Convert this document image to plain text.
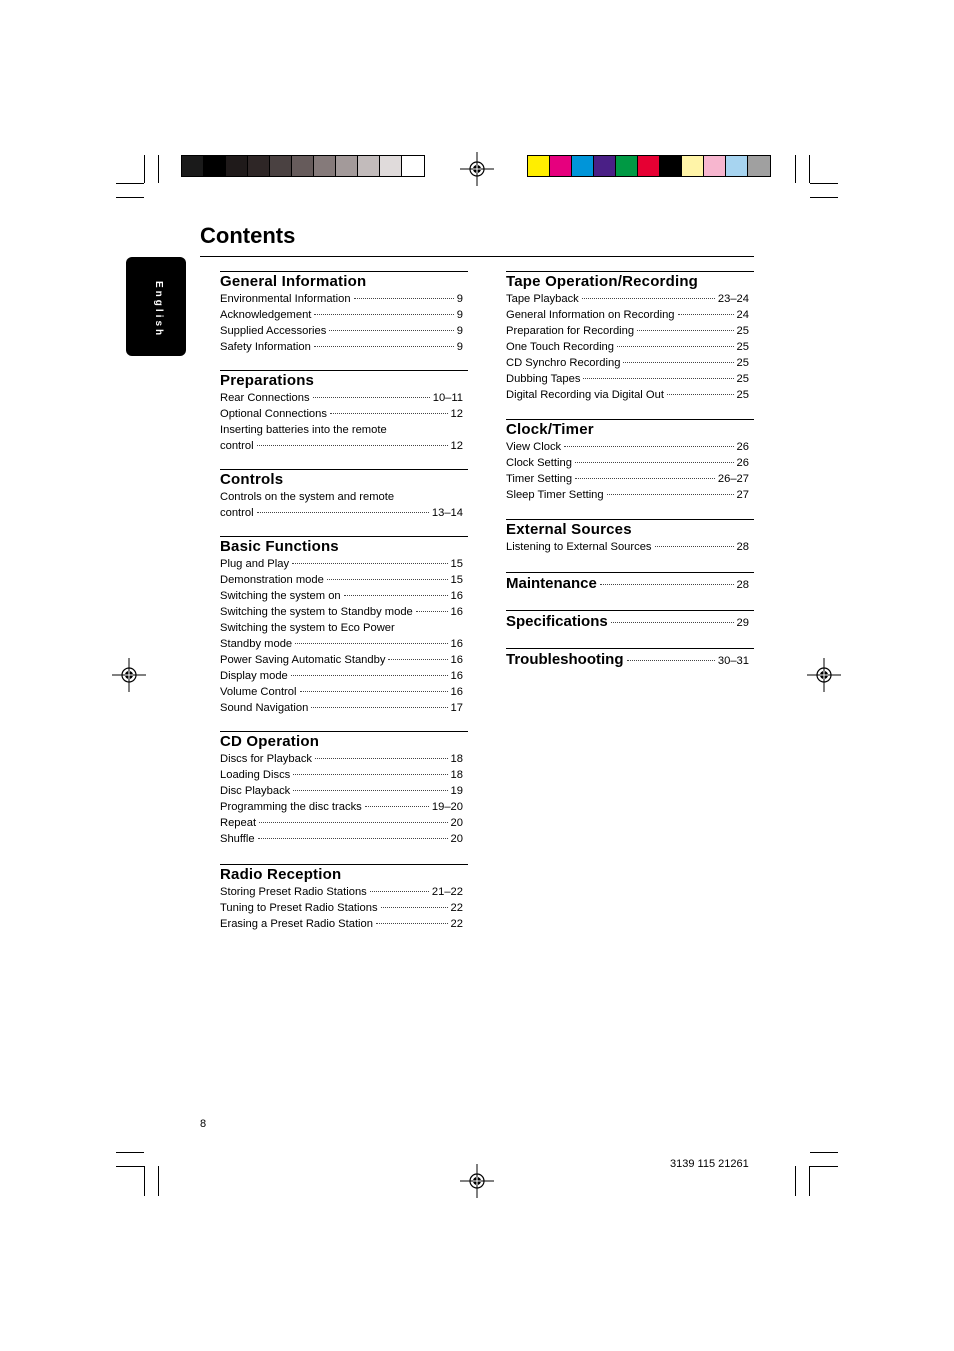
Contents
English	General Information
Environmental Information	9
Acknowledgement	9
Supplied Accessories	9
Safety Information	9
Preparations
Rear Connections	10–11
Optional Connections	12
Inserting batteries into the remote
control	12
Controls
Controls on the system and remote
control	13–14
Basic Functions
Plug and Play	15
Demonstration mode	15
Switching the system on	16
Switching the system to Standby mode	16
Switching the system to Eco Power
Standby mode	16
Power Saving Automatic Standby	16
Display mode	16
Volume Control	16
Sound Navigation	17
CD Operation
Discs for Playback	18
Loading Discs	18
Disc Playback	19
Programming the disc tracks	19–20
Repeat	20
Shuffle	20
Radio Reception
Storing Preset Radio Stations	21–22
Tuning to Preset Radio Stations	22
Erasing a Preset Radio Station	22
Tape Operation/Recording
Tape Playback	23–24
General Information on Recording	24
Preparation for Recording	25
One Touch Recording	25
CD Synchro Recording	25
Dubbing Tapes	25
Digital Recording via Digital Out	25
Clock/Timer
View Clock	26
Clock Setting	26
Timer Setting	26–27
Sleep Timer Setting	27
External Sources
Listening to External Sources	28
Maintenance	28
Specifications	29
Troubleshooting	30–31
8
3139 115 21261
